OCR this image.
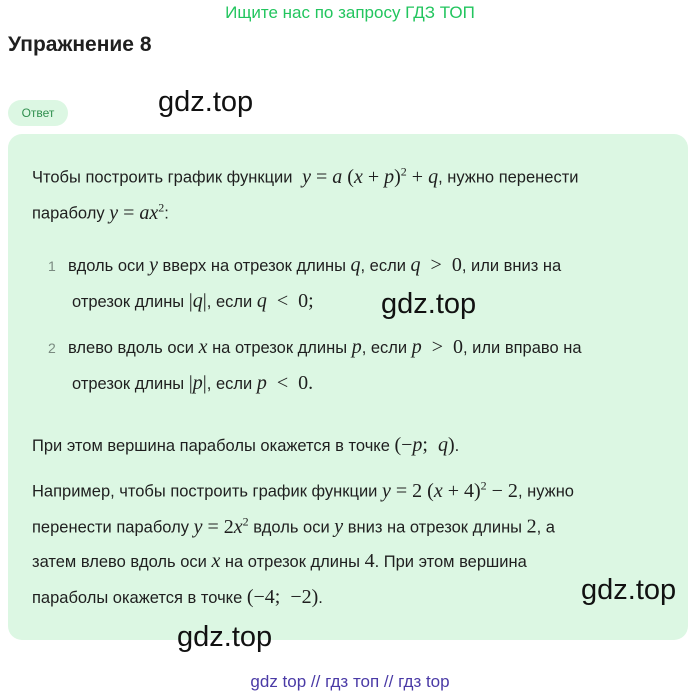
Ищите нас по запросу ГДЗ ТОП
Упражнение 8
Ответ	gdz.top
Чтобы построить график функции  y = a $(x + p)^2 + q$, нужно перенести
параболу $y = ax^2$:
1 вдоль оси y вверх на отрезок длины q, если q  >  0, или вниз на
отрезок длины |q|, если q  <  0;
2 влево вдоль оси x на отрезок длины p, если p  >  0, или вправо на
отрезок длины |p|, если p  <  0.
При этом вершина параболы окажется в точке (−p;  q).
Например, чтобы построить график функции y = 2 $(x + 4)^2 - 2$, нужно
перенести параболу $y = 2x^2$ вдоль оси y вниз на отрезок длины 2, а
затем влево вдоль оси x на отрезок длины 4. При этом вершина
параболы окажется в точке (−4;  −2).
gdz.top
gdz.top
gdz.top
gdz top // гдз топ // гдз top
